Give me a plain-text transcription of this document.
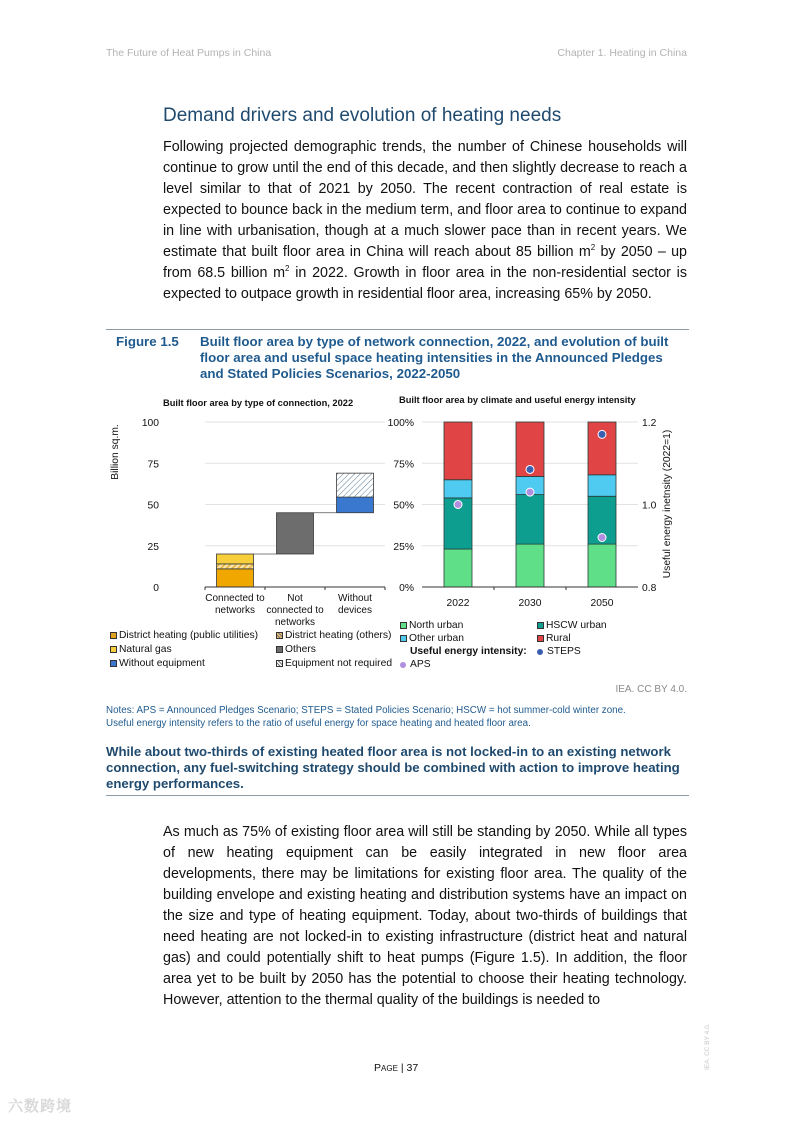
The Future of Heat Pumps in China	Chapter 1. Heating in China
Demand drivers and evolution of heating needs

Following projected demographic trends, the number of Chinese households will continue to grow until the end of this decade, and then slightly decrease to reach a level similar to that of 2021 by 2050. The recent contraction of real estate is expected to bounce back in the medium term, and floor area to continue to expand in line with urbanisation, though at a much slower pace than in recent years. We estimate that built floor area in China will reach about 85 billion $m^2$ by 2050 – up from 68.5 billion $m^2$ in 2022. Growth in floor area in the non-residential sector is expected to outpace growth in residential floor area, increasing 65% by 2050.

Figure 1.5 Built floor area by type of network connection, 2022, and evolution of built floor area and useful space heating intensities in the Announced Pledges and Stated Policies Scenarios, 2022-2050
Built floor area by type of connection, 2022
0
25
50
75
100
Connected to
networks
Not
connected to
networks
Without
devices
Billion sq.m.
Built floor area by climate and useful energy intensity
0%
25%
50%
75%
100%
0.8
1.0
1.2
2022	2030	2050
Useful energy inetnsity (2022=1)
District heating (public utilities)	District heating (others)
Natural gas	Others
Without equipment	Equipment not required
North urban	HSCW urban
Other urban	Rural
Useful energy intensity: STEPS
APS
IEA. CC BY 4.0.
Notes: APS = Announced Pledges Scenario; STEPS = Stated Policies Scenario; HSCW = hot summer-cold winter zone.
Useful energy intensity refers to the ratio of useful energy for space heating and heated floor area.
While about two-thirds of existing heated floor area is not locked-in to an existing network connection, any fuel-switching strategy should be combined with action to improve heating energy performances.

As much as 75% of existing floor area will still be standing by 2050. While all types of new heating equipment can be easily integrated in new floor area developments, there may be limitations for existing floor area. The quality of the building envelope and existing heating and distribution systems have an impact on the size and type of heating equipment. Today, about two-thirds of buildings that need heating are not locked-in to existing infrastructure (district heat and natural gas) and could potentially shift to heat pumps (Figure 1.5). In addition, the floor area yet to be built by 2050 has the potential to choose their heating technology. However, attention to the thermal quality of the buildings is needed to

PAGE | 37	IEA. CC BY 4.0.
六数跨境
